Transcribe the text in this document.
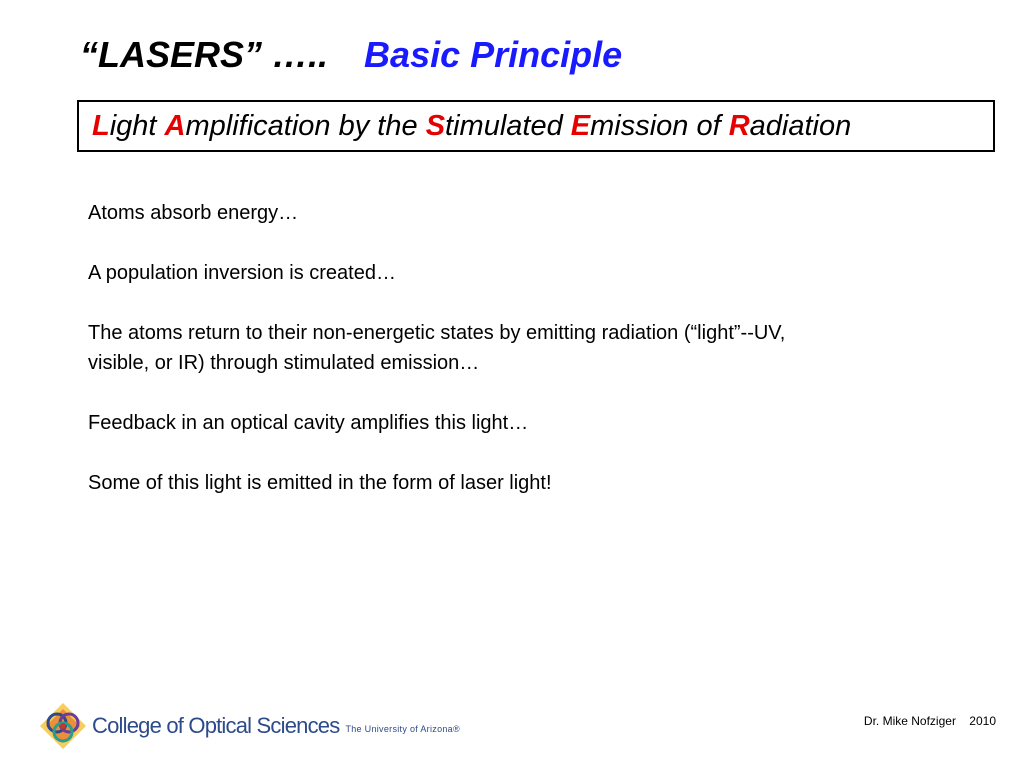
“LASERS” ….. Basic Principle
Light Amplification by the Stimulated Emission of Radiation

Atoms absorb energy…

A population inversion is created…

The atoms return to their non-energetic states by emitting radiation (“light”--UV, visible, or IR) through stimulated emission…

Feedback in an optical cavity amplifies this light…

Some of this light is emitted in the form of laser light!

College of Optical Sciences The University of Arizona®
Dr. Mike Nofziger 2010
